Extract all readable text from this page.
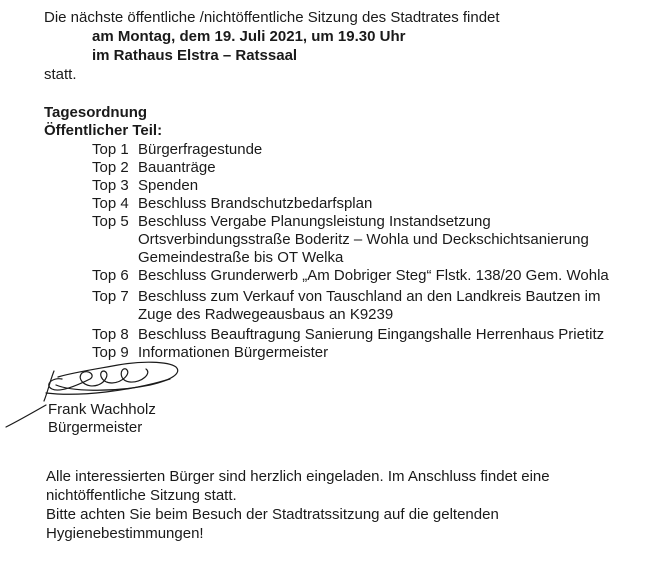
Die nächste öffentliche /nichtöffentliche Sitzung des Stadtrates findet
am Montag, dem 19. Juli 2021, um 19.30 Uhr
im Rathaus Elstra – Ratssaal
statt.
Tagesordnung
Öffentlicher Teil:
Top 1 Bürgerfragestunde
Top 2 Bauanträge
Top 3 Spenden
Top 4 Beschluss Brandschutzbedarfsplan
Top 5 Beschluss Vergabe Planungsleistung Instandsetzung
Ortsverbindungsstraße Boderitz – Wohla und Deckschichtsanierung
Gemeindestraße bis OT Welka
Top 6 Beschluss Grunderwerb „Am Dobriger Steg“ Flstk. 138/20 Gem. Wohla
Top 7 Beschluss zum Verkauf von Tauschland an den Landkreis Bautzen im
Zuge des Radwegeausbaus an K9239
Top 8 Beschluss Beauftragung Sanierung Eingangshalle Herrenhaus Prietitz
Top 9 Informationen Bürgermeister
Frank Wachholz
Bürgermeister
Alle interessierten Bürger sind herzlich eingeladen. Im Anschluss findet eine
nichtöffentliche Sitzung statt.
Bitte achten Sie beim Besuch der Stadtratssitzung auf die geltenden
Hygienebestimmungen!
